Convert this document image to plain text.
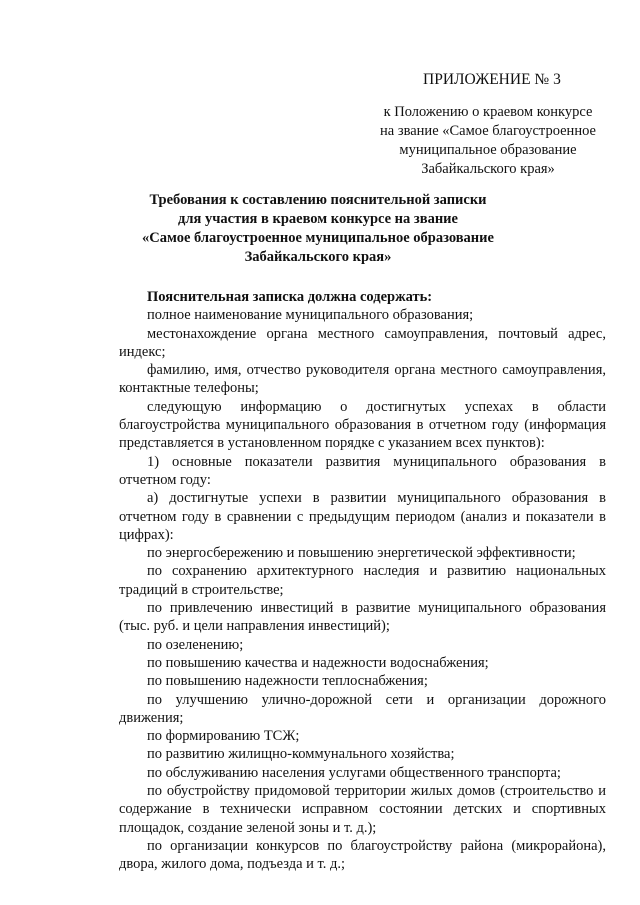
ПРИЛОЖЕНИЕ № 3
к Положению о краевом конкурсе
на звание «Самое благоустроенное
муниципальное образование
Забайкальского края»
Требования к составлению пояснительной записки
для участия в краевом конкурсе на звание
«Самое благоустроенное муниципальное образование
Забайкальского края»

Пояснительная записка должна содержать:

полное наименование муниципального образования;

местонахождение органа местного самоуправления, почтовый адрес, индекс;

фамилию, имя, отчество руководителя органа местного самоуправления, контактные телефоны;

следующую информацию о достигнутых успехах в области благоустройства муниципального образования в отчетном году (информация представляется в установленном порядке с указанием всех пунктов):

1) основные показатели развития муниципального образования в отчетном году:

а) достигнутые успехи в развитии муниципального образования в отчетном году в сравнении с предыдущим периодом (анализ и показатели в цифрах):

по энергосбережению и повышению энергетической эффективности;

по сохранению архитектурного наследия и развитию национальных традиций в строительстве;

по привлечению инвестиций в развитие муниципального образования (тыс. руб. и цели направления инвестиций);

по озеленению;

по повышению качества и надежности водоснабжения;

по повышению надежности теплоснабжения;

по улучшению улично-дорожной сети и организации дорожного движения;

по формированию ТСЖ;

по развитию жилищно-коммунального хозяйства;

по обслуживанию населения услугами общественного транспорта;

по обустройству придомовой территории жилых домов (строительство и содержание в технически исправном состоянии детских и спортивных площадок, создание зеленой зоны и т. д.);

по организации конкурсов по благоустройству района (микрорайона), двора, жилого дома, подъезда и т. д.;
